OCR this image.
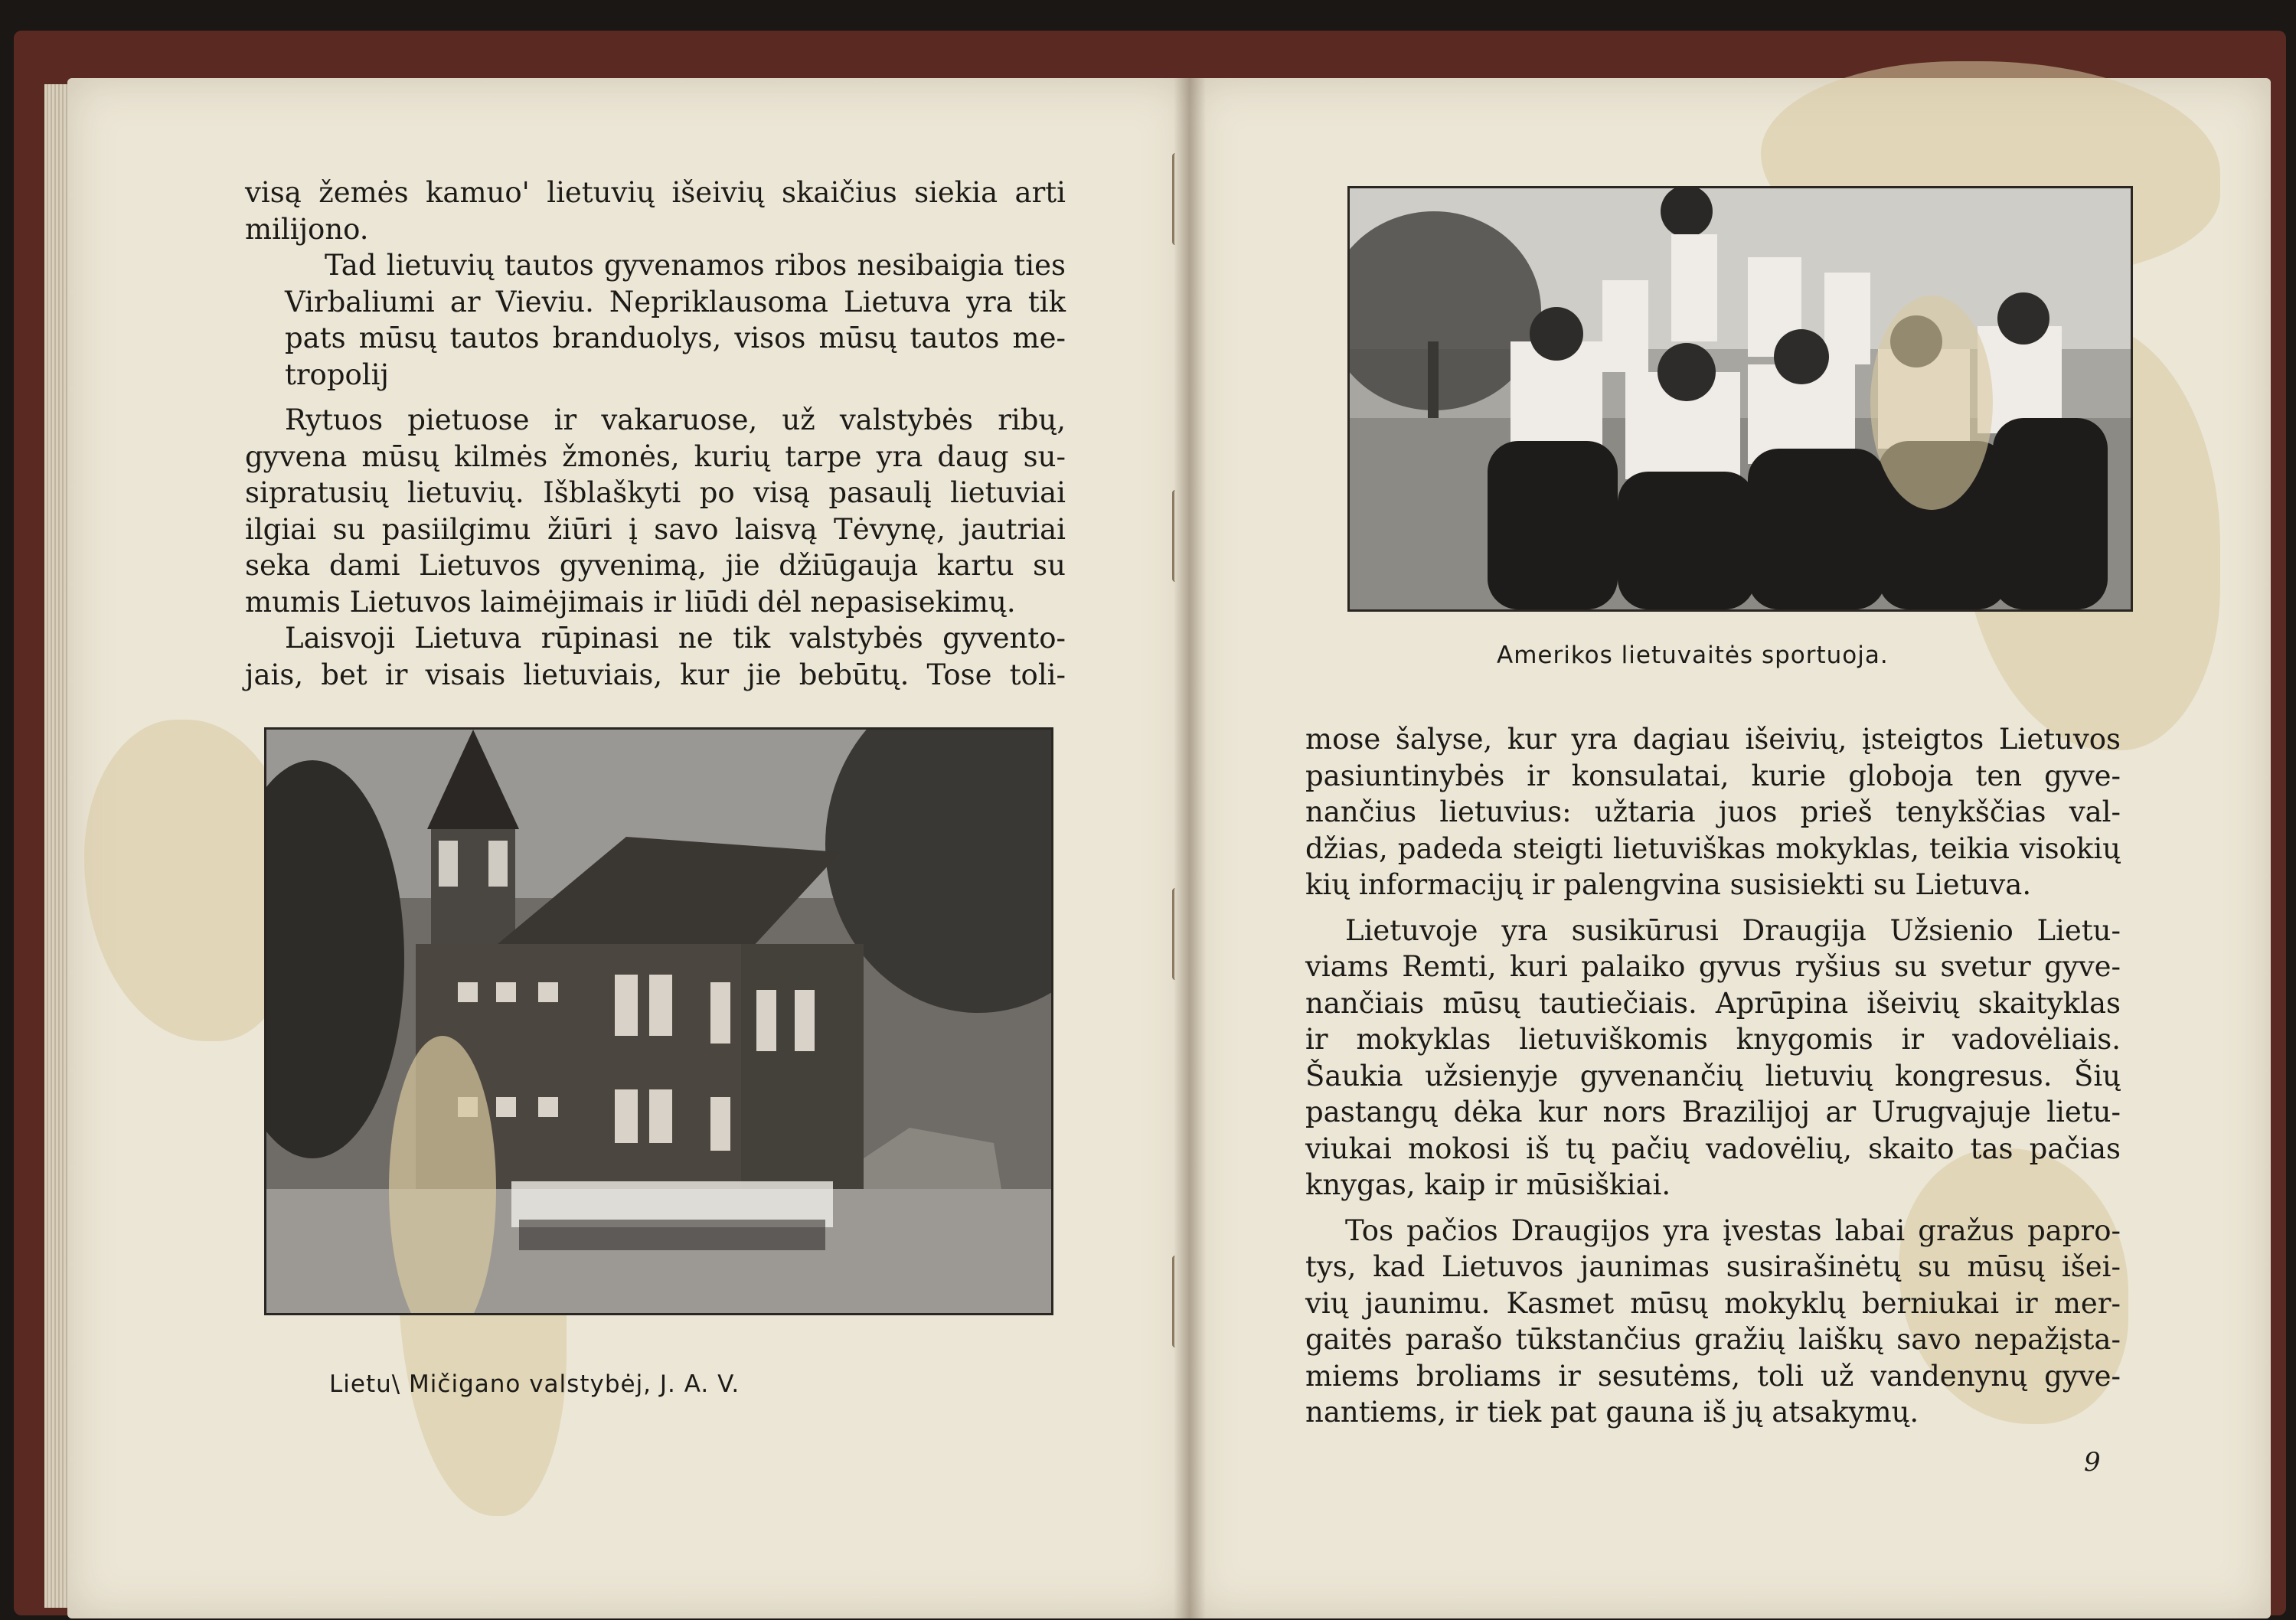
visą žemės kamuo' lietuvių išeivių skaičius siekia arti
milijono.

Tad lietuvių tautos gyvenamos ribos nesibaigia ties
Virbaliumi ar Vieviu. Nepriklausoma Lietuva yra tik
pats mūsų tautos branduolys, visos mūsų tautos me-
tropolij

Rytuos pietuose ir vakaruose, už valstybės ribų,
gyvena mūsų kilmės žmonės, kurių tarpe yra daug su-
sipratusių lietuvių. Išblaškyti po visą pasaulį lietuviai
ilgiai su pasiilgimu žiūri į savo laisvą Tėvynę, jautriai
seka dami Lietuvos gyvenimą, jie džiūgauja kartu su
mumis Lietuvos laimėjimais ir liūdi dėl nepasisekimų.

Laisvoji Lietuva rūpinasi ne tik valstybės gyvento-
jais, bet ir visais lietuviais, kur jie bebūtų. Tose toli-

Lietu\ Mičigano valstybėj, J. A. V.
Amerikos lietuvaitės sportuoja.

mose šalyse, kur yra dagiau išeivių, įsteigtos Lietuvos
pasiuntinybės ir konsulatai, kurie globoja ten gyve-
nančius lietuvius: užtaria juos prieš tenykščias val-
džias, padeda steigti lietuviškas mokyklas, teikia visokių
kių informacijų ir palengvina susisiekti su Lietuva.

Lietuvoje yra susikūrusi Draugija Užsienio Lietu-
viams Remti, kuri palaiko gyvus ryšius su svetur gyve-
nančiais mūsų tautiečiais. Aprūpina išeivių skaityklas
ir mokyklas lietuviškomis knygomis ir vadovėliais.
Šaukia užsienyje gyvenančių lietuvių kongresus. Šių
pastangų dėka kur nors Brazilijoj ar Urugvajuje lietu-
viukai mokosi iš tų pačių vadovėlių, skaito tas pačias
knygas, kaip ir mūsiškiai.

Tos pačios Draugijos yra įvestas labai gražus papro-
tys, kad Lietuvos jaunimas susirašinėtų su mūsų išei-
vių jaunimu. Kasmet mūsų mokyklų berniukai ir mer-
gaitės parašo tūkstančius gražių laiškų savo nepažįsta-
miems broliams ir sesutėms, toli už vandenynų gyve-
nantiems, ir tiek pat gauna iš jų atsakymų.

9
